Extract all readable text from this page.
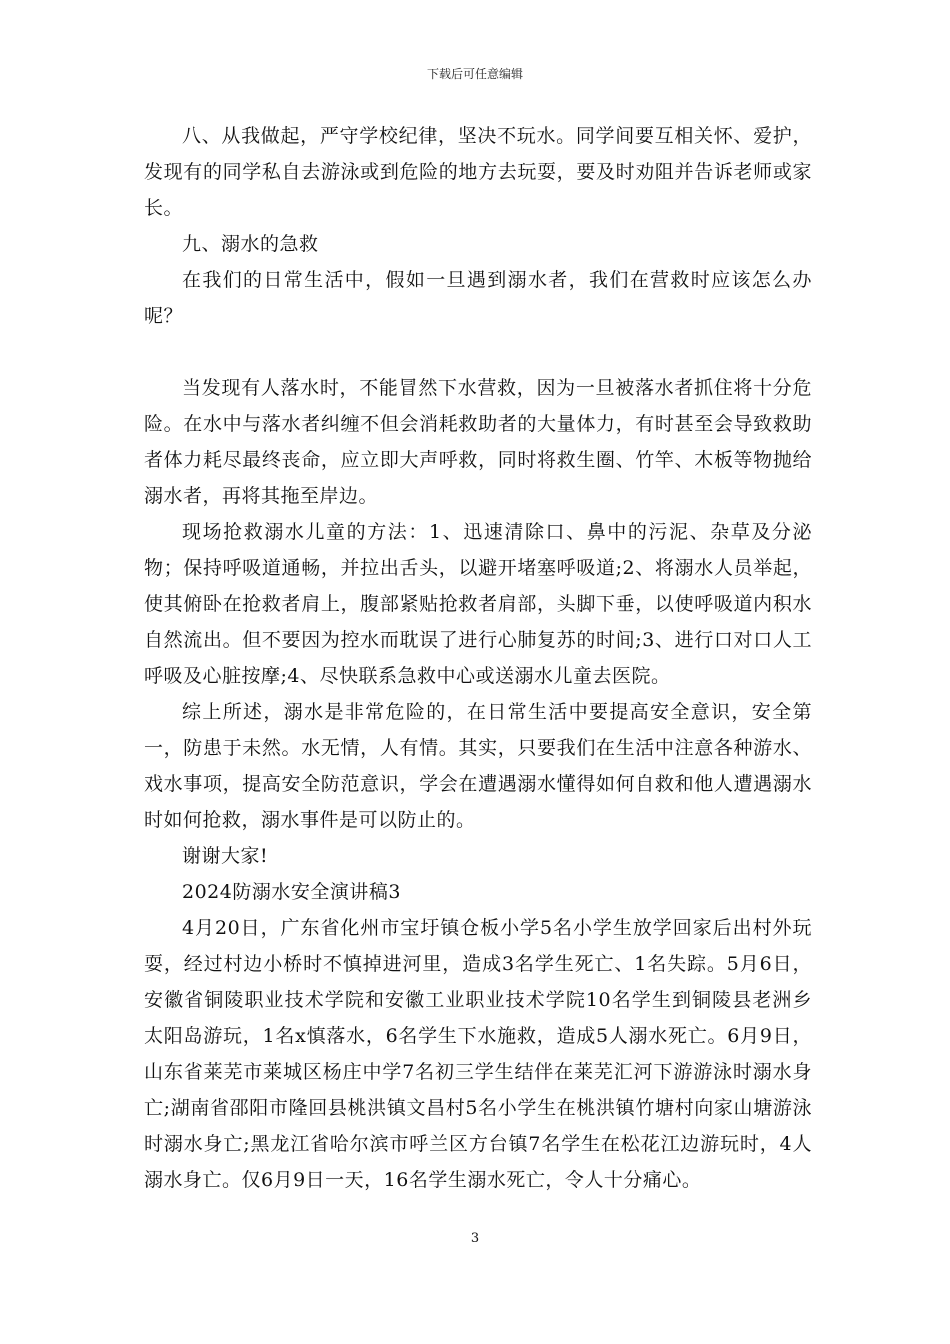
下载后可任意编辑

八、从我做起，严守学校纪律，坚决不玩水。同学间要互相关怀、爱护，发现有的同学私自去游泳或到危险的地方去玩耍，要及时劝阻并告诉老师或家长。

九、溺水的急救

在我们的日常生活中，假如一旦遇到溺水者，我们在营救时应该怎么办呢？

当发现有人落水时，不能冒然下水营救，因为一旦被落水者抓住将十分危险。在水中与落水者纠缠不但会消耗救助者的大量体力，有时甚至会导致救助者体力耗尽最终丧命，应立即大声呼救，同时将救生圈、竹竿、木板等物抛给溺水者，再将其拖至岸边。

现场抢救溺水儿童的方法：1、迅速清除口、鼻中的污泥、杂草及分泌物；保持呼吸道通畅，并拉出舌头，以避开堵塞呼吸道;2、将溺水人员举起，使其俯卧在抢救者肩上，腹部紧贴抢救者肩部，头脚下垂，以使呼吸道内积水自然流出。但不要因为控水而耽误了进行心肺复苏的时间;3、进行口对口人工呼吸及心脏按摩;4、尽快联系急救中心或送溺水儿童去医院。

综上所述，溺水是非常危险的，在日常生活中要提高安全意识，安全第一，防患于未然。水无情，人有情。其实，只要我们在生活中注意各种游水、戏水事项，提高安全防范意识，学会在遭遇溺水懂得如何自救和他人遭遇溺水时如何抢救，溺水事件是可以防止的。

谢谢大家!

2024防溺水安全演讲稿3

4月20日，广东省化州市宝圩镇仓板小学5名小学生放学回家后出村外玩耍，经过村边小桥时不慎掉进河里，造成3名学生死亡、1名失踪。5月6日，安徽省铜陵职业技术学院和安徽工业职业技术学院10名学生到铜陵县老洲乡太阳岛游玩，1名x慎落水，6名学生下水施救，造成5人溺水死亡。6月9日，山东省莱芜市莱城区杨庄中学7名初三学生结伴在莱芜汇河下游游泳时溺水身亡;湖南省邵阳市隆回县桃洪镇文昌村5名小学生在桃洪镇竹塘村向家山塘游泳时溺水身亡;黑龙江省哈尔滨市呼兰区方台镇7名学生在松花江边游玩时，4人溺水身亡。仅6月9日一天，16名学生溺水死亡，令人十分痛心。

3
